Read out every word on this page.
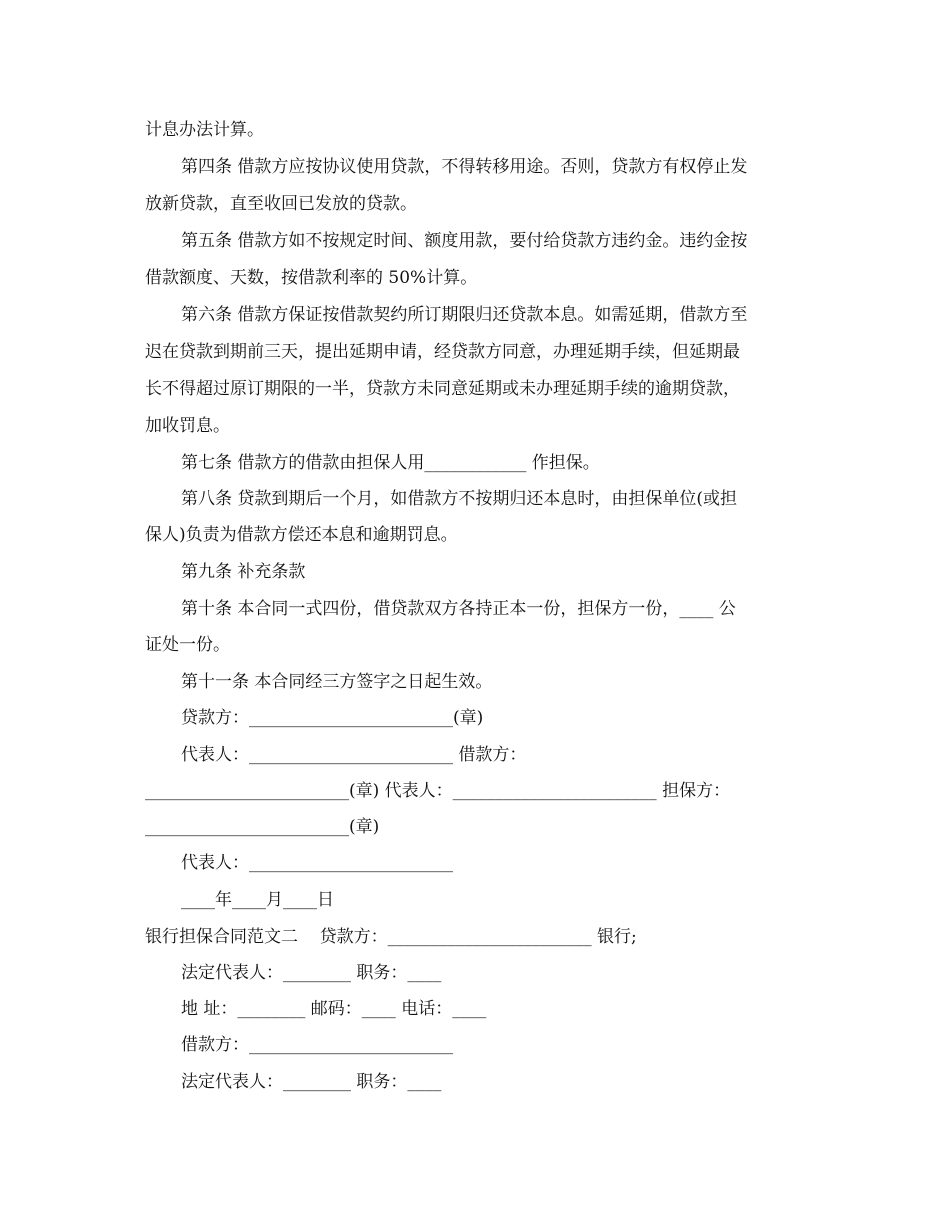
计息办法计算。
第四条 借款方应按协议使用贷款，不得转移用途。否则，贷款方有权停止发
放新贷款，直至收回已发放的贷款。
第五条 借款方如不按规定时间、额度用款，要付给贷款方违约金。违约金按
借款额度、天数，按借款利率的 50%计算。
第六条 借款方保证按借款契约所订期限归还贷款本息。如需延期，借款方至
迟在贷款到期前三天，提出延期申请，经贷款方同意，办理延期手续，但延期最
长不得超过原订期限的一半，贷款方未同意延期或未办理延期手续的逾期贷款，
加收罚息。
第七条 借款方的借款由担保人用____________ 作担保。
第八条 贷款到期后一个月，如借款方不按期归还本息时，由担保单位(或担
保人)负责为借款方偿还本息和逾期罚息。
第九条 补充条款
第十条 本合同一式四份，借贷款双方各持正本一份，担保方一份，____ 公
证处一份。
第十一条 本合同经三方签字之日起生效。
贷款方：________________________(章)
代表人：________________________ 借款方：
________________________(章) 代表人：________________________ 担保方：
________________________(章)
代表人：________________________
____年____月____日
银行担保合同范文二    贷款方：________________________ 银行;
法定代表人：________ 职务：____
地 址：________ 邮码：____ 电话：____
借款方：________________________
法定代表人：________ 职务：____
